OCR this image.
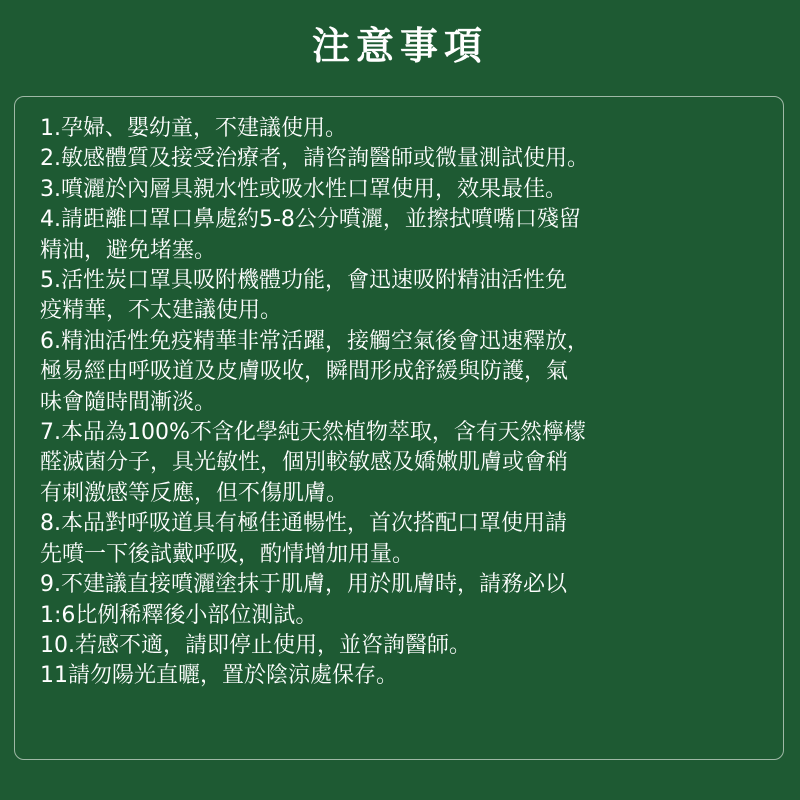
注意事項
1.孕婦、嬰幼童，不建議使用。
2.敏感體質及接受治療者，請咨詢醫師或微量測試使用。
3.噴灑於內層具親水性或吸水性口罩使用，效果最佳。
4.請距離口罩口鼻處約5-8公分噴灑，並擦拭噴嘴口殘留
精油，避免堵塞。
5.活性炭口罩具吸附機體功能，會迅速吸附精油活性免
疫精華，不太建議使用。
6.精油活性免疫精華非常活躍，接觸空氣後會迅速釋放，
極易經由呼吸道及皮膚吸收，瞬間形成舒緩與防護，氣
味會隨時間漸淡。
7.本品為100%不含化學純天然植物萃取，含有天然檸檬
醛滅菌分子，具光敏性，個別較敏感及嬌嫩肌膚或會稍
有刺激感等反應，但不傷肌膚。
8.本品對呼吸道具有極佳通暢性，首次搭配口罩使用請
先噴一下後試戴呼吸，酌情增加用量。
9.不建議直接噴灑塗抹于肌膚，用於肌膚時，請務必以
1:6比例稀釋後小部位測試。
10.若感不適，請即停止使用，並咨詢醫師。
11請勿陽光直曬，置於陰涼處保存。
